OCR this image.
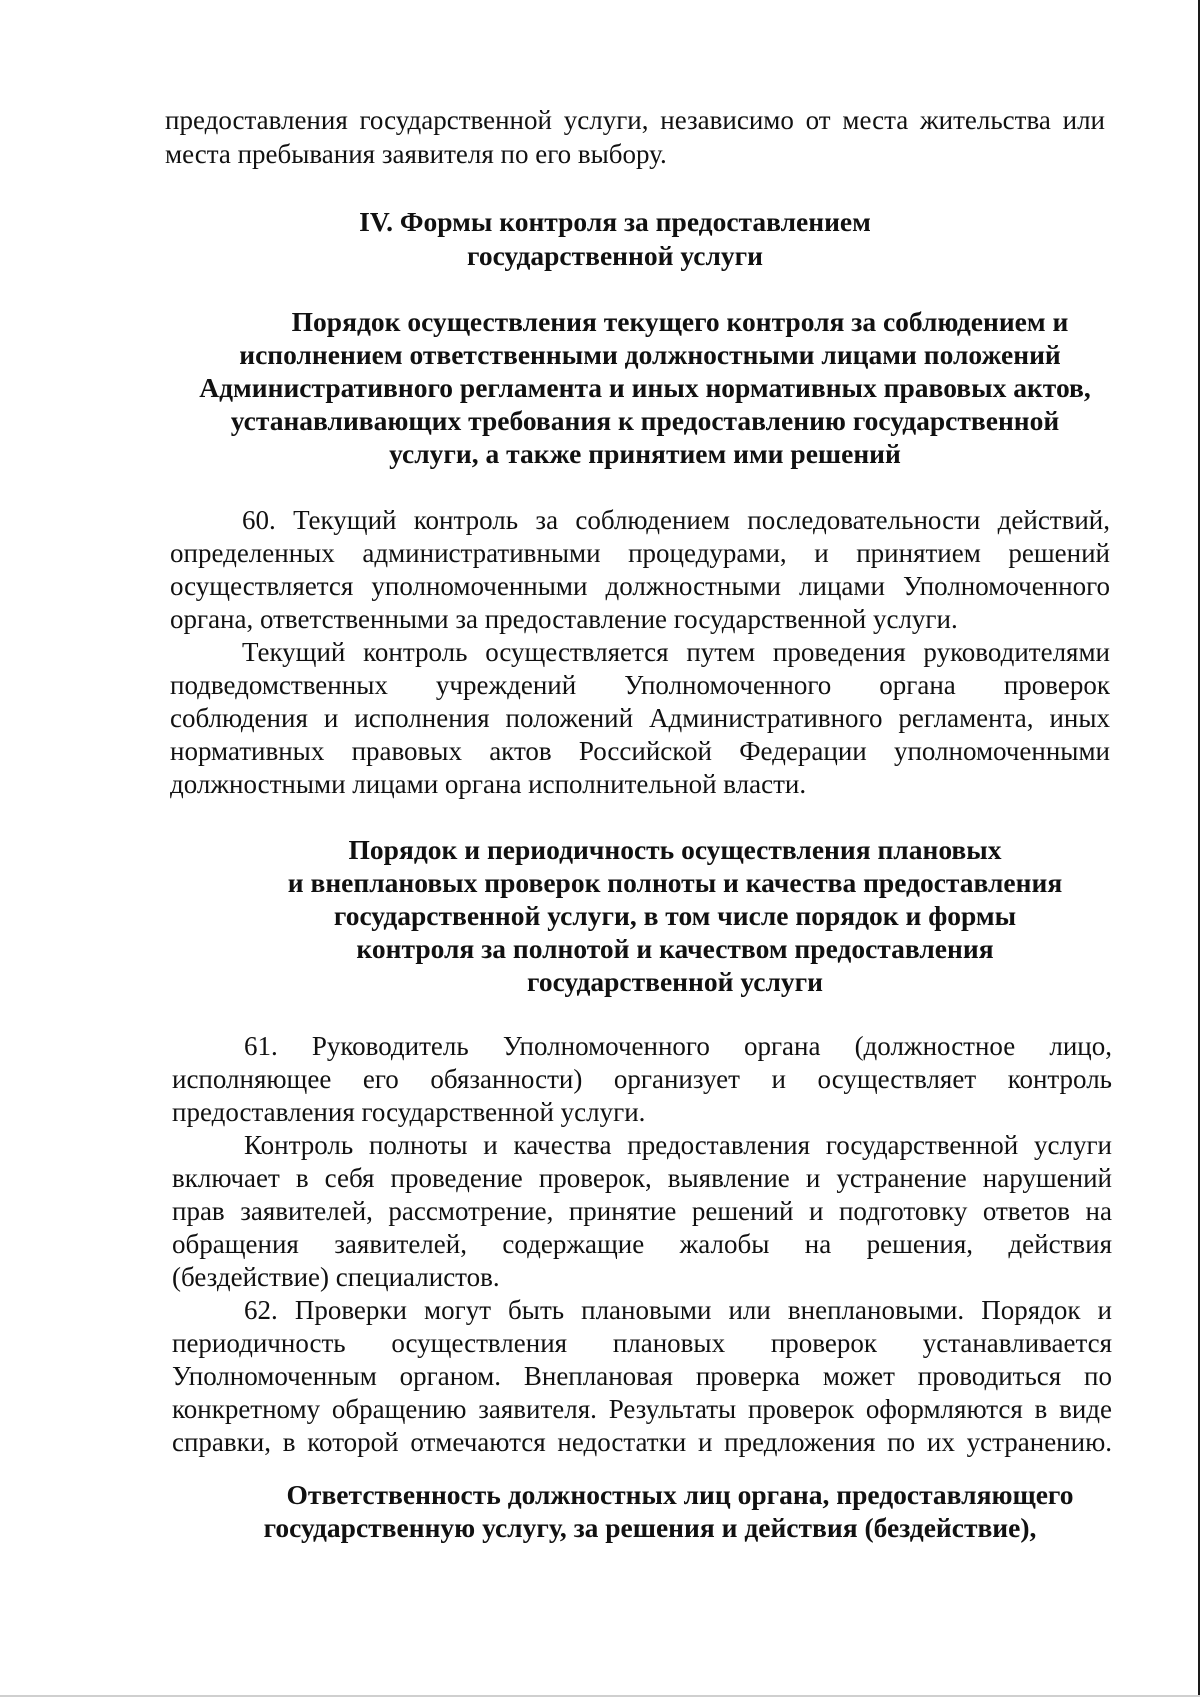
предоставления государственной услуги, независимо от места жительства или
места пребывания заявителя по его выбору.
IV. Формы контроля за предоставлением
государственной услуги
Порядок осуществления текущего контроля за соблюдением и
исполнением ответственными должностными лицами положений
Административного регламента и иных нормативных правовых актов,
устанавливающих требования к предоставлению государственной
услуги, а также принятием ими решений
60. Текущий контроль за соблюдением последовательности действий,
определенных административными процедурами, и принятием решений
осуществляется уполномоченными должностными лицами Уполномоченного
органа, ответственными за предоставление государственной услуги.
Текущий контроль осуществляется путем проведения руководителями
подведомственных учреждений Уполномоченного органа проверок
соблюдения и исполнения положений Административного регламента, иных
нормативных правовых актов Российской Федерации уполномоченными
должностными лицами органа исполнительной власти.
Порядок и периодичность осуществления плановых
и внеплановых проверок полноты и качества предоставления
государственной услуги, в том числе порядок и формы
контроля за полнотой и качеством предоставления
государственной услуги
61. Руководитель Уполномоченного органа (должностное лицо,
исполняющее его обязанности) организует и осуществляет контроль
предоставления государственной услуги.
Контроль полноты и качества предоставления государственной услуги
включает в себя проведение проверок, выявление и устранение нарушений
прав заявителей, рассмотрение, принятие решений и подготовку ответов на
обращения заявителей, содержащие жалобы на решения, действия
(бездействие) специалистов.
62. Проверки могут быть плановыми или внеплановыми. Порядок и
периодичность осуществления плановых проверок устанавливается
Уполномоченным органом. Внеплановая проверка может проводиться по
конкретному обращению заявителя. Результаты проверок оформляются в виде
справки, в которой отмечаются недостатки и предложения по их устранению.
Ответственность должностных лиц органа, предоставляющего
государственную услугу, за решения и действия (бездействие),
